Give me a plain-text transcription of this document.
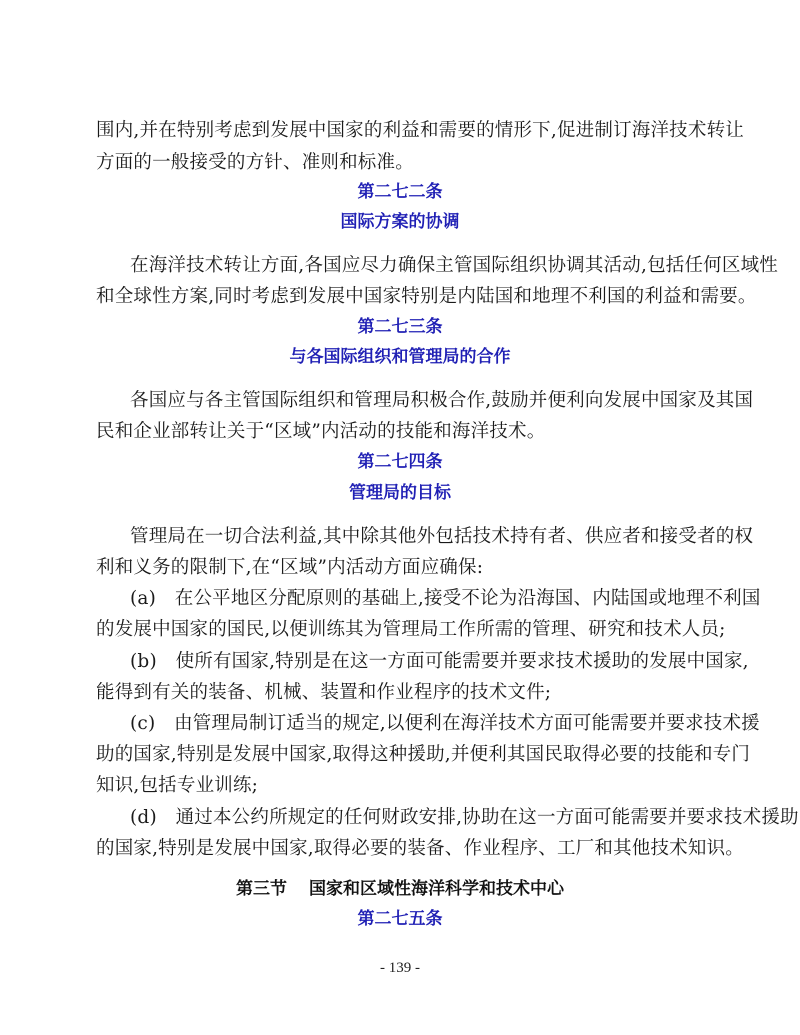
围内,并在特别考虑到发展中国家的利益和需要的情形下,促进制订海洋技术转让
方面的一般接受的方针、准则和标准。
第二七二条
国际方案的协调
在海洋技术转让方面,各国应尽力确保主管国际组织协调其活动,包括任何区域性
和全球性方案,同时考虑到发展中国家特别是内陆国和地理不利国的利益和需要。
第二七三条
与各国际组织和管理局的合作
各国应与各主管国际组织和管理局积极合作,鼓励并便利向发展中国家及其国
民和企业部转让关于“区域”内活动的技能和海洋技术。
第二七四条
管理局的目标
管理局在一切合法利益,其中除其他外包括技术持有者、供应者和接受者的权
利和义务的限制下,在“区域”内活动方面应确保:
(a)　在公平地区分配原则的基础上,接受不论为沿海国、内陆国或地理不利国
的发展中国家的国民,以便训练其为管理局工作所需的管理、研究和技术人员;
(b)　使所有国家,特别是在这一方面可能需要并要求技术援助的发展中国家,
能得到有关的装备、机械、装置和作业程序的技术文件;
(c)　由管理局制订适当的规定,以便利在海洋技术方面可能需要并要求技术援
助的国家,特别是发展中国家,取得这种援助,并便利其国民取得必要的技能和专门
知识,包括专业训练;
(d)　通过本公约所规定的任何财政安排,协助在这一方面可能需要并要求技术援助
的国家,特别是发展中国家,取得必要的装备、作业程序、工厂和其他技术知识。
第三节 国家和区域性海洋科学和技术中心
第二七五条
- 139 -
